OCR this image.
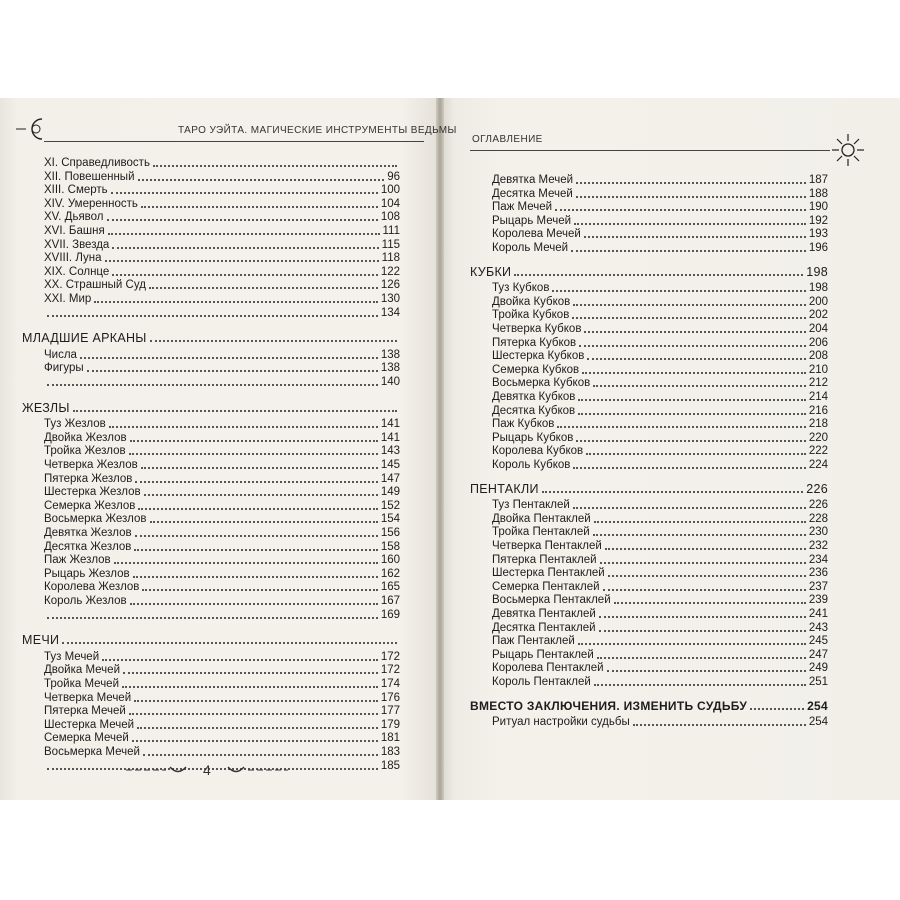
ТАРО УЭЙТА. МАГИЧЕСКИЕ ИНСТРУМЕНТЫ ВЕДЬМЫ
ОГЛАВЛЕНИЕ
XI. Справедливость
XII. Повешенный	96
XIII. Смерть	100
XIV. Умеренность	104
XV. Дьявол	108
XVI. Башня	111
XVII. Звезда	115
XVIII. Луна	118
XIX. Солнце	122
XX. Страшный Суд	126
XXI. Мир	130
134
МЛАДШИЕ АРКАНЫ
Числа	138
Фигуры	138
140
ЖЕЗЛЫ
Туз Жезлов	141
Двойка Жезлов	141
Тройка Жезлов	143
Четверка Жезлов	145
Пятерка Жезлов	147
Шестерка Жезлов	149
Семерка Жезлов	152
Восьмерка Жезлов	154
Девятка Жезлов	156
Десятка Жезлов	158
Паж Жезлов	160
Рыцарь Жезлов	162
Королева Жезлов	165
Король Жезлов	167
169
МЕЧИ
Туз Мечей	172
Двойка Мечей	172
Тройка Мечей	174
Четверка Мечей	176
Пятерка Мечей	177
Шестерка Мечей	179
Семерка Мечей	181
Восьмерка Мечей	183
185
Девятка Мечей	187
Десятка Мечей	188
Паж Мечей	190
Рыцарь Мечей	192
Королева Мечей	193
Король Мечей	196
КУБКИ	198
Туз Кубков	198
Двойка Кубков	200
Тройка Кубков	202
Четверка Кубков	204
Пятерка Кубков	206
Шестерка Кубков	208
Семерка Кубков	210
Восьмерка Кубков	212
Девятка Кубков	214
Десятка Кубков	216
Паж Кубков	218
Рыцарь Кубков	220
Королева Кубков	222
Король Кубков	224
ПЕНТАКЛИ	226
Туз Пентаклей	226
Двойка Пентаклей	228
Тройка Пентаклей	230
Четверка Пентаклей	232
Пятерка Пентаклей	234
Шестерка Пентаклей	236
Семерка Пентаклей	237
Восьмерка Пентаклей	239
Девятка Пентаклей	241
Десятка Пентаклей	243
Паж Пентаклей	245
Рыцарь Пентаклей	247
Королева Пентаклей	249
Король Пентаклей	251
ВМЕСТО ЗАКЛЮЧЕНИЯ. ИЗМЕНИТЬ СУДЬБУ	254
Ритуал настройки судьбы	254
4
